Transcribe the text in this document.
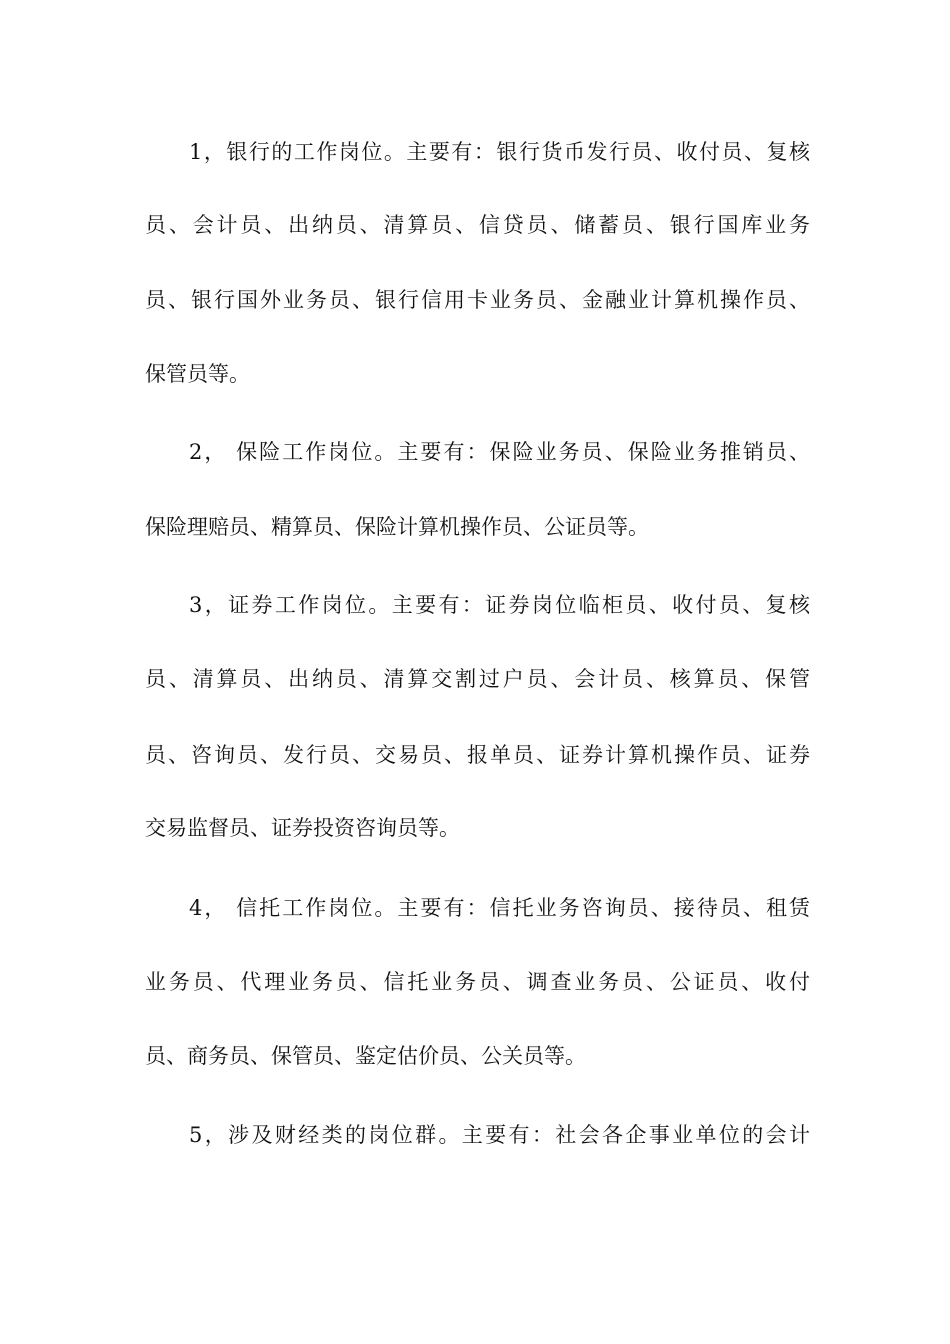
1，银行的工作岗位。主要有：银行货币发行员、收付员、复核
员、会计员、出纳员、清算员、信贷员、储蓄员、银行国库业务
员、银行国外业务员、银行信用卡业务员、金融业计算机操作员、
保管员等。
2， 保险工作岗位。主要有：保险业务员、保险业务推销员、
保险理赔员、精算员、保险计算机操作员、公证员等。
3，证券工作岗位。主要有：证券岗位临柜员、收付员、复核
员、清算员、出纳员、清算交割过户员、会计员、核算员、保管
员、咨询员、发行员、交易员、报单员、证券计算机操作员、证券
交易监督员、证券投资咨询员等。
4， 信托工作岗位。主要有：信托业务咨询员、接待员、租赁
业务员、代理业务员、信托业务员、调查业务员、公证员、收付
员、商务员、保管员、鉴定估价员、公关员等。
5，涉及财经类的岗位群。主要有：社会各企事业单位的会计
